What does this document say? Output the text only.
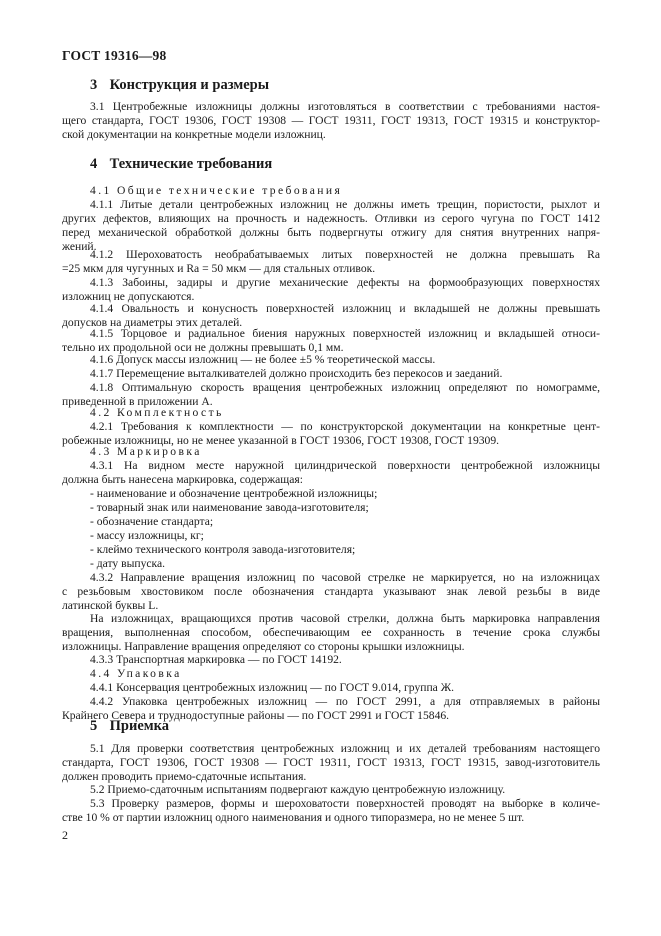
ГОСТ 19316—98
3 Конструкция и размеры
3.1 Центробежные изложницы должны изготовляться в соответствии с требованиями настоя-
щего стандарта, ГОСТ 19306, ГОСТ 19308 — ГОСТ 19311, ГОСТ 19313, ГОСТ 19315 и конструктор-
ской документации на конкретные модели изложниц.
4 Технические требования
4.1 Общие технические требования
4.1.1 Литые детали центробежных изложниц не должны иметь трещин, пористости, рыхлот и
других дефектов, влияющих на прочность и надежность. Отливки из серого чугуна по ГОСТ 1412
перед механической обработкой должны быть подвергнуты отжигу для снятия внутренних напря-
жений.
4.1.2 Шероховатость необрабатываемых литых поверхностей не должна превышать Ra
=25 мкм для чугунных и Ra = 50 мкм — для стальных отливок.
4.1.3 Забоины, задиры и другие механические дефекты на формообразующих поверхностях
изложниц не допускаются.
4.1.4 Овальность и конусность поверхностей изложниц и вкладышей не должны превышать
допусков на диаметры этих деталей.
4.1.5 Торцовое и радиальное биения наружных поверхностей изложниц и вкладышей относи-
тельно их продольной оси не должны превышать 0,1 мм.
4.1.6 Допуск массы изложниц — не более ±5 % теоретической массы.
4.1.7 Перемещение выталкивателей должно происходить без перекосов и заеданий.
4.1.8 Оптимальную скорость вращения центробежных изложниц определяют по номограмме,
приведенной в приложении А.
4.2 Комплектность
4.2.1 Требования к комплектности — по конструкторской документации на конкретные цент-
робежные изложницы, но не менее указанной в ГОСТ 19306, ГОСТ 19308, ГОСТ 19309.
4.3 Маркировка
4.3.1 На видном месте наружной цилиндрической поверхности центробежной изложницы
должна быть нанесена маркировка, содержащая:
- наименование и обозначение центробежной изложницы;
- товарный знак или наименование завода-изготовителя;
- обозначение стандарта;
- массу изложницы, кг;
- клеймо технического контроля завода-изготовителя;
- дату выпуска.
4.3.2 Направление вращения изложниц по часовой стрелке не маркируется, но на изложницах
с резьбовым хвостовиком после обозначения стандарта указывают знак левой резьбы в виде
латинской буквы L.
На изложницах, вращающихся против часовой стрелки, должна быть маркировка направления
вращения, выполненная способом, обеспечивающим ее сохранность в течение срока службы
изложницы. Направление вращения определяют со стороны крышки изложницы.
4.3.3 Транспортная маркировка — по ГОСТ 14192.
4.4 Упаковка
4.4.1 Консервация центробежных изложниц — по ГОСТ 9.014, группа Ж.
4.4.2 Упаковка центробежных изложниц — по ГОСТ 2991, а для отправляемых в районы
Крайнего Севера и труднодоступные районы — по ГОСТ 2991 и ГОСТ 15846.
5 Приемка
5.1 Для проверки соответствия центробежных изложниц и их деталей требованиям настоящего
стандарта, ГОСТ 19306, ГОСТ 19308 — ГОСТ 19311, ГОСТ 19313, ГОСТ 19315, завод-изготовитель
должен проводить приемо-сдаточные испытания.
5.2 Приемо-сдаточным испытаниям подвергают каждую центробежную изложницу.
5.3 Проверку размеров, формы и шероховатости поверхностей проводят на выборке в количе-
стве 10 % от партии изложниц одного наименования и одного типоразмера, но не менее 5 шт.
2
